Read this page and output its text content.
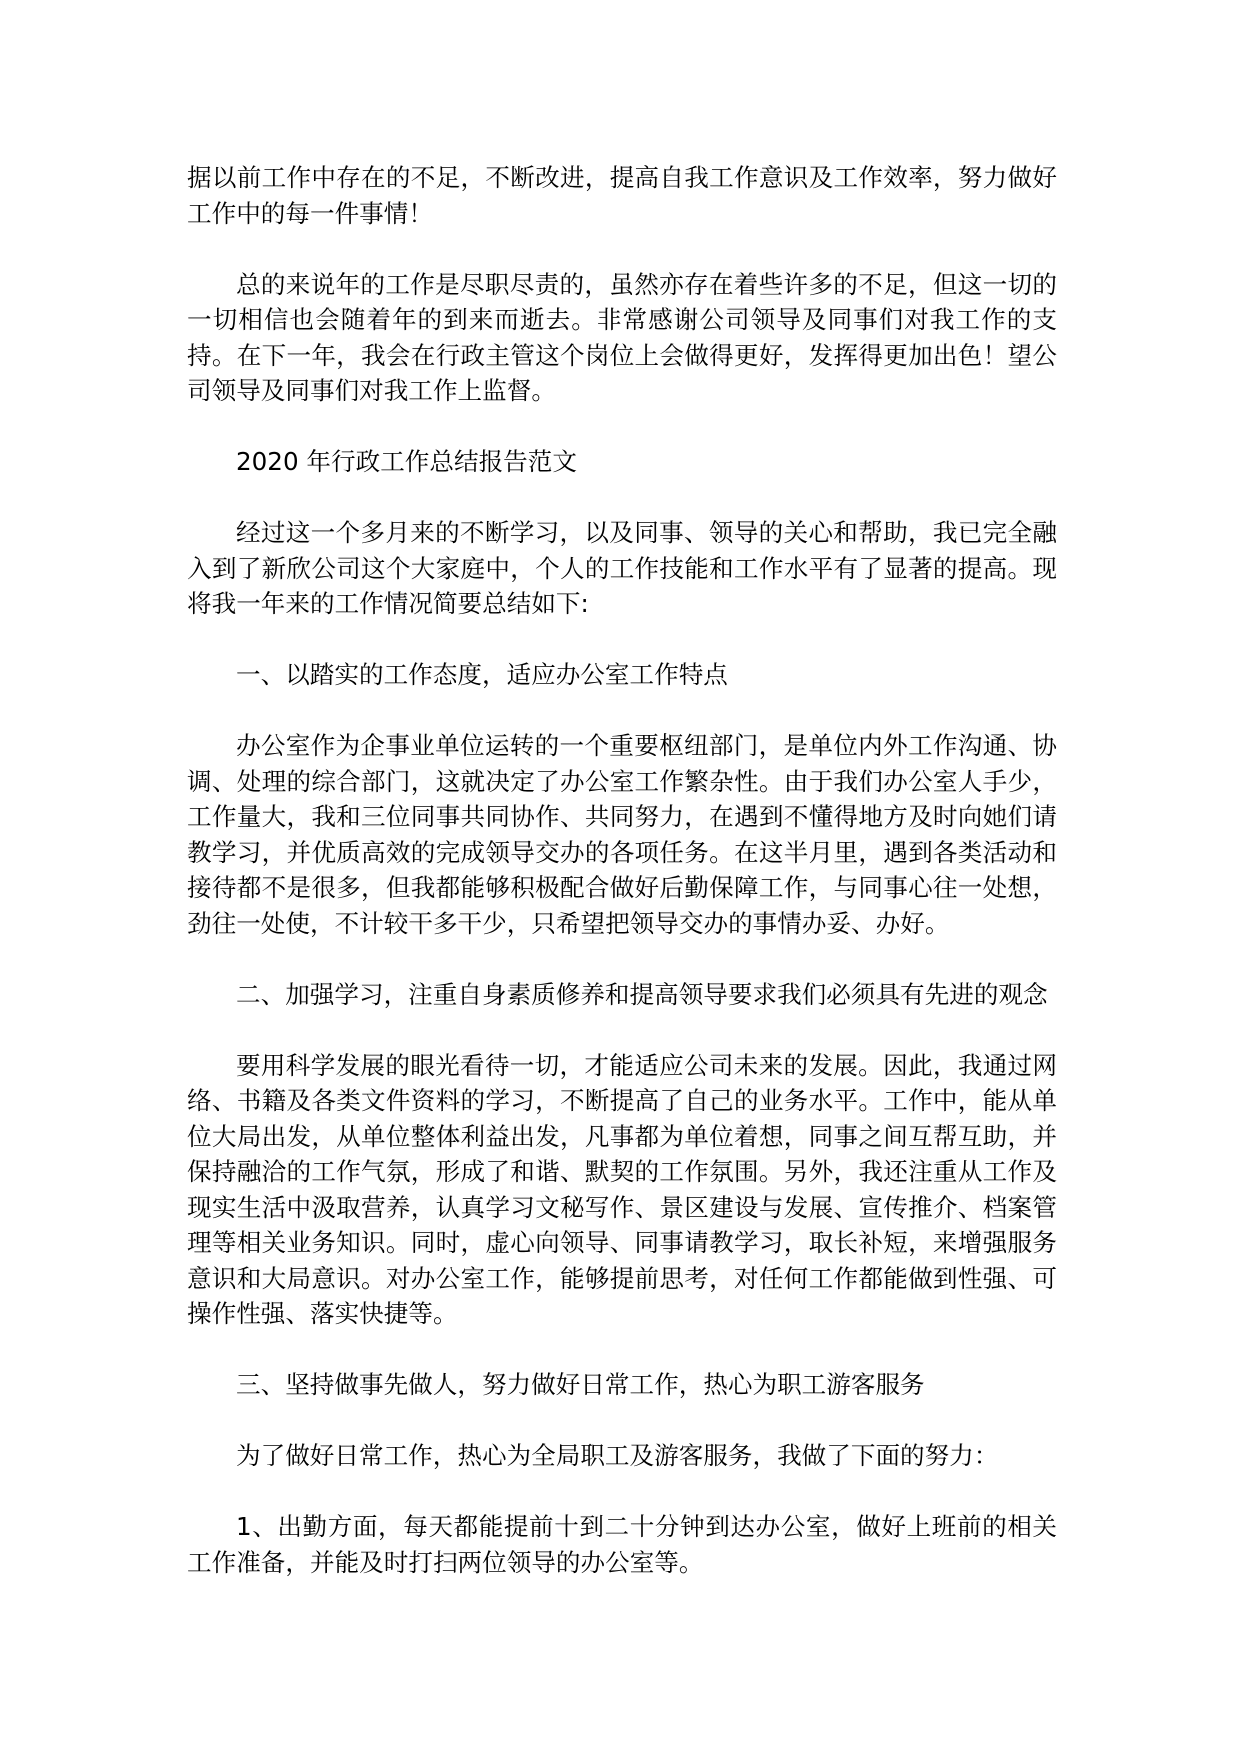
据以前工作中存在的不足，不断改进，提高自我工作意识及工作效率，努力做好工作中的每一件事情！

总的来说年的工作是尽职尽责的，虽然亦存在着些许多的不足，但这一切的一切相信也会随着年的到来而逝去。非常感谢公司领导及同事们对我工作的支持。在下一年，我会在行政主管这个岗位上会做得更好，发挥得更加出色！望公司领导及同事们对我工作上监督。

2020 年行政工作总结报告范文

经过这一个多月来的不断学习，以及同事、领导的关心和帮助，我已完全融入到了新欣公司这个大家庭中，个人的工作技能和工作水平有了显著的提高。现将我一年来的工作情况简要总结如下:

一、以踏实的工作态度，适应办公室工作特点

办公室作为企事业单位运转的一个重要枢纽部门，是单位内外工作沟通、协调、处理的综合部门，这就决定了办公室工作繁杂性。由于我们办公室人手少，工作量大，我和三位同事共同协作、共同努力，在遇到不懂得地方及时向她们请教学习，并优质高效的完成领导交办的各项任务。在这半月里，遇到各类活动和接待都不是很多，但我都能够积极配合做好后勤保障工作，与同事心往一处想，劲往一处使，不计较干多干少，只希望把领导交办的事情办妥、办好。

二、加强学习，注重自身素质修养和提高领导要求我们必须具有先进的观念

要用科学发展的眼光看待一切，才能适应公司未来的发展。因此，我通过网络、书籍及各类文件资料的学习，不断提高了自己的业务水平。工作中，能从单位大局出发，从单位整体利益出发，凡事都为单位着想，同事之间互帮互助，并保持融洽的工作气氛，形成了和谐、默契的工作氛围。另外，我还注重从工作及现实生活中汲取营养，认真学习文秘写作、景区建设与发展、宣传推介、档案管理等相关业务知识。同时，虚心向领导、同事请教学习，取长补短，来增强服务意识和大局意识。对办公室工作，能够提前思考，对任何工作都能做到性强、可操作性强、落实快捷等。

三、坚持做事先做人，努力做好日常工作，热心为职工游客服务

为了做好日常工作，热心为全局职工及游客服务，我做了下面的努力：

1、出勤方面，每天都能提前十到二十分钟到达办公室，做好上班前的相关工作准备，并能及时打扫两位领导的办公室等。
